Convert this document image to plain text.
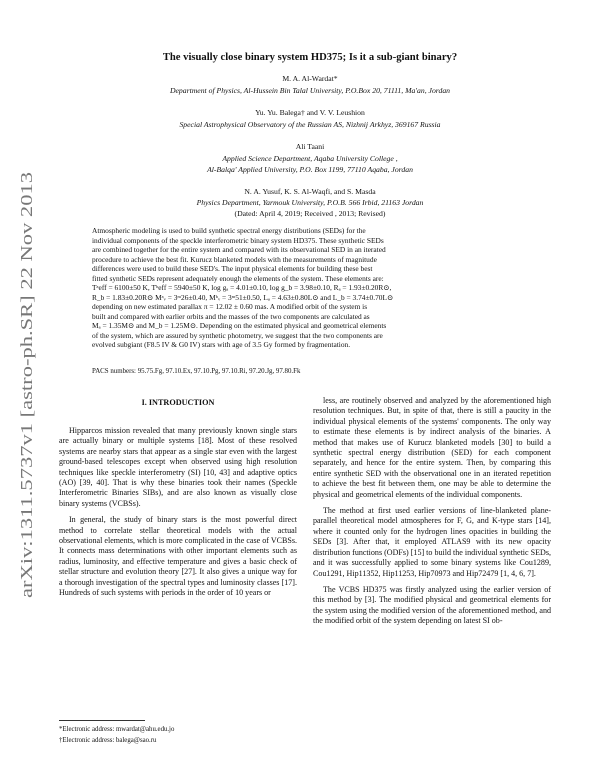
arXiv:1311.5737v1 [astro-ph.SR] 22 Nov 2013
The visually close binary system HD375; Is it a sub-giant binary?
M. A. Al-Wardat*
Department of Physics, Al-Hussein Bin Talal University, P.O.Box 20, 71111, Ma'an, Jordan
Yu. Yu. Balega† and V. V. Leushion
Special Astrophysical Observatory of the Russian AS, Nizhnij Arkhyz, 369167 Russia
Ali Taani
Applied Science Department, Aqaba University College ,
Al-Balqa' Applied University, P.O. Box 1199, 77110 Aqaba, Jordan
N. A. Yusuf, K. S. Al-Waqfi, and S. Masda
Physics Department, Yarmouk University, P.O.B. 566 Irbid, 21163 Jordan
(Dated: April 4, 2019; Received , 2013; Revised)

Atmospheric modeling is used to build synthetic spectral energy distributions (SEDs) for the

individual components of the speckle interferometric binary system HD375. These synthetic SEDs

are combined together for the entire system and compared with its observational SED in an iterated

procedure to achieve the best fit. Kurucz blanketed models with the measurements of magnitude

differences were used to build these SED's. The input physical elements for building these best

fitted synthetic SEDs represent adequately enough the elements of the system. These elements are:

Tᵃeff = 6100±50 K, Tᵇeff = 5940±50 K, log gₐ = 4.01±0.10, log g_b = 3.98±0.10, Rₐ = 1.93±0.20R⊙,

R_b = 1.83±0.20R⊙ Mᵃᵥ = 3ᵐ26±0.40, Mᵇᵥ = 3ᵐ51±0.50, Lₐ = 4.63±0.80L⊙ and L_b = 3.74±0.70L⊙

depending on new estimated parallax π = 12.02 ± 0.60 mas. A modified orbit of the system is

built and compared with earlier orbits and the masses of the two components are calculated as

Mₐ = 1.35M⊙ and M_b = 1.25M⊙. Depending on the estimated physical and geometrical elements

of the system, which are assured by synthetic photometry, we suggest that the two components are

evolved subgiant (F8.5 IV & G0 IV) stars with age of 3.5 Gy formed by fragmentation.

PACS numbers: 95.75.Fg, 97.10.Ex, 97.10.Pg, 97.10.Ri, 97.20.Jg, 97.80.Fk
I. INTRODUCTION

Hipparcos mission revealed that many previously known single stars are actually binary or multiple systems [18]. Most of these resolved systems are nearby stars that appear as a single star even with the largest ground-based telescopes except when observed using high resolution techniques like speckle interferometry (SI) [10, 43] and adaptive optics (AO) [39, 40]. That is why these binaries took their names (Speckle Interferometric Binaries SIBs), and are also known as visually close binary systems (VCBSs).

In general, the study of binary stars is the most powerful direct method to correlate stellar theoretical models with the actual observational elements, which is more complicated in the case of VCBSs. It connects mass determinations with other important elements such as radius, luminosity, and effective temperature and gives a basic check of stellar structure and evolution theory [27]. It also gives a unique way for a thorough investigation of the spectral types and luminosity classes [17]. Hundreds of such systems with periods in the order of 10 years or

less, are routinely observed and analyzed by the aforementioned high resolution techniques. But, in spite of that, there is still a paucity in the individual physical elements of the systems' components. The only way to estimate these elements is by indirect analysis of the binaries. A method that makes use of Kurucz blanketed models [30] to build a synthetic spectral energy distribution (SED) for each component separately, and hence for the entire system. Then, by comparing this entire synthetic SED with the observational one in an iterated repetition to achieve the best fit between them, one may be able to determine the physical and geometrical elements of the individual components.

The method at first used earlier versions of line-blanketed plane-parallel theoretical model atmospheres for F, G, and K-type stars [14], where it counted only for the hydrogen lines opacities in building the SEDs [3]. After that, it employed ATLAS9 with its new opacity distribution functions (ODFs) [15] to build the individual synthetic SEDs, and it was successfully applied to some binary systems like Cou1289, Cou1291, Hip11352, Hip11253, Hip70973 and Hip72479 [1, 4, 6, 7].

The VCBS HD375 was firstly analyzed using the earlier version of this method by [3]. The modified physical and geometrical elements for the system using the modified version of the aforementioned method, and the modified orbit of the system depending on latest SI ob-

*Electronic address: mwardat@ahu.edu.jo
†Electronic address: balega@sao.ru
